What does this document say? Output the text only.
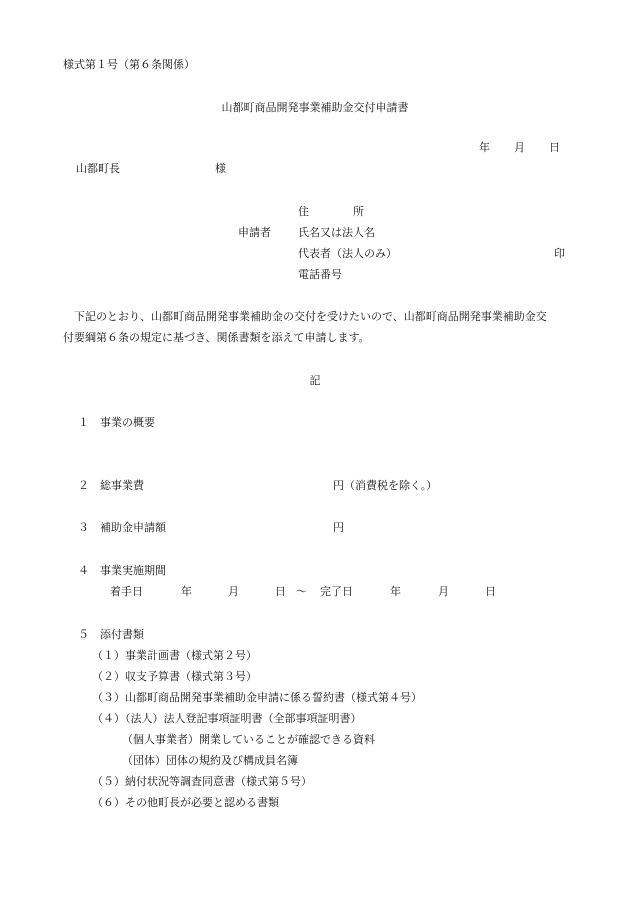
様式第１号（第６条関係）
山都町商品開発事業補助金交付申請書
年 月 日
山都町長	様
住　　　　所
申請者 氏名又は法人名
代表者（法人のみ）	印
電話番号
　下記のとおり、山都町商品開発事業補助金の交付を受けたいので、山都町商品開発事業補助金交
付要綱第６条の規定に基づき、関係書類を添えて申請します。
記
１　事業の概要
２　総事業費	円（消費税を除く。）
３　補助金申請額	円
４　事業実施期間
着手日	年	月	日 ～ 完了日	年	月	日
５　添付書類
（１）事業計画書（様式第２号）
（２）収支予算書（様式第３号）
（３）山都町商品開発事業補助金申請に係る誓約書（様式第４号）
（４）（法人）法人登記事項証明書（全部事項証明書）
（個人事業者）開業していることが確認できる資料
（団体）団体の規約及び構成員名簿
（５）納付状況等調査同意書（様式第５号）
（６）その他町長が必要と認める書類
